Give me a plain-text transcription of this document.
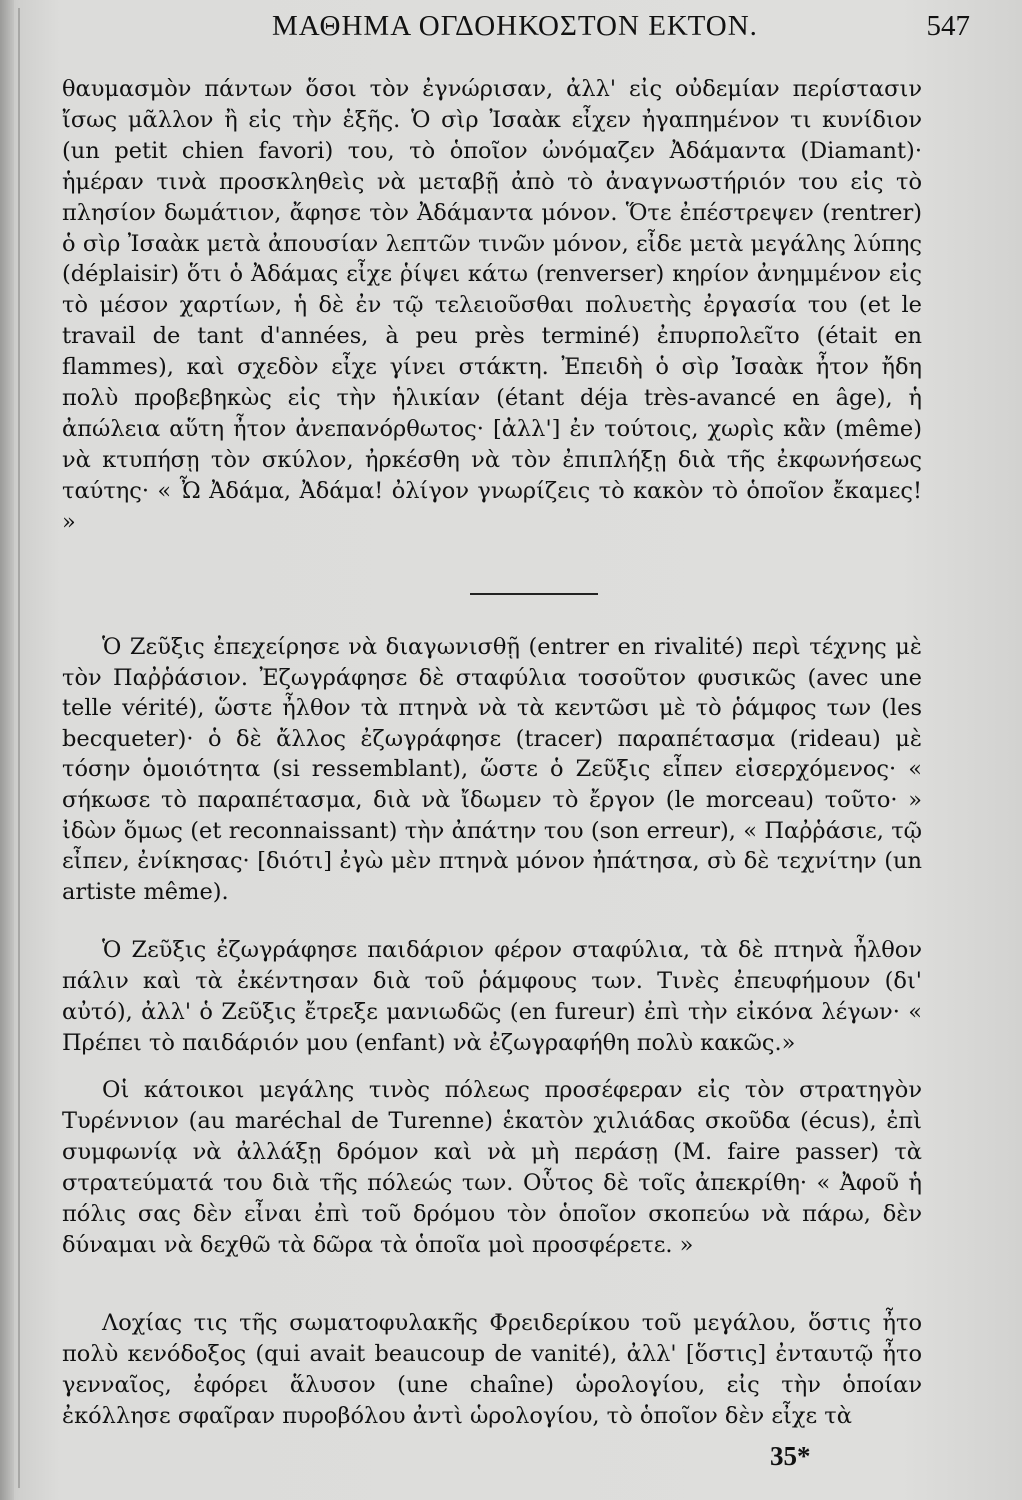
ΜΑΘΗΜΑ ΟΓΔΟΗΚΟΣΤΟΝ ΕΚΤΟΝ.	547

θαυμασμὸν πάντων ὅσοι τὸν ἐγνώρισαν, ἀλλ' εἰς οὐδεμίαν περίστασιν ἴσως μᾶλλον ἢ εἰς τὴν ἑξῆς. Ὁ σὶρ Ἰσαὰκ εἶχεν ἠγαπημένον τι κυνίδιον (un petit chien favori) του, τὸ ὁποῖον ὠνόμαζεν Ἀδάμαντα (Diamant)· ἡμέραν τινὰ προσκληθεὶς νὰ μεταβῇ ἀπὸ τὸ ἀναγνωστήριόν του εἰς τὸ πλησίον δωμάτιον, ἄφησε τὸν Ἀδάμαντα μόνον. Ὅτε ἐπέστρεψεν (rentrer) ὁ σὶρ Ἰσαὰκ μετὰ ἀπουσίαν λεπτῶν τινῶν μόνον, εἶδε μετὰ μεγάλης λύπης (déplaisir) ὅτι ὁ Ἀδάμας εἶχε ῥίψει κάτω (renverser) κηρίον ἀνημμένον εἰς τὸ μέσον χαρτίων, ἡ δὲ ἐν τῷ τελειοῦσθαι πολυετὴς ἐργασία του (et le travail de tant d'années, à peu près terminé) ἐπυρπολεῖτο (était en flammes), καὶ σχεδὸν εἶχε γίνει στάκτη. Ἐπειδὴ ὁ σὶρ Ἰσαὰκ ἦτον ἤδη πολὺ προβεβηκὼς εἰς τὴν ἡλικίαν (étant déja très-avancé en âge), ἡ ἀπώλεια αὕτη ἦτον ἀνεπανόρθωτος· [ἀλλ'] ἐν τούτοις, χωρὶς κἂν (même) νὰ κτυπήσῃ τὸν σκύλον, ἠρκέσθη νὰ τὸν ἐπιπλήξῃ διὰ τῆς ἐκφωνήσεως ταύτης· « Ὦ Ἀδάμα, Ἀδάμα! ὀλίγον γνωρίζεις τὸ κακὸν τὸ ὁποῖον ἔκαμες! »

Ὁ Ζεῦξις ἐπεχείρησε νὰ διαγωνισθῇ (entrer en rivalité) περὶ τέχνης μὲ τὸν Παῤῥάσιον. Ἐζωγράφησε δὲ σταφύλια τοσοῦτον φυσικῶς (avec une telle vérité), ὥστε ἦλθον τὰ πτηνὰ νὰ τὰ κεντῶσι μὲ τὸ ῥάμφος των (les becqueter)· ὁ δὲ ἄλλος ἐζωγράφησε (tracer) παραπέτασμα (rideau) μὲ τόσην ὁμοιότητα (si ressemblant), ὥστε ὁ Ζεῦξις εἶπεν εἰσερχόμενος· « σήκωσε τὸ παραπέτασμα, διὰ νὰ ἴδωμεν τὸ ἔργον (le morceau) τοῦτο· » ἰδὼν ὅμως (et reconnaissant) τὴν ἀπάτην του (son erreur), « Παῤῥάσιε, τῷ εἶπεν, ἐνίκησας· [διότι] ἐγὼ μὲν πτηνὰ μόνον ἠπάτησα, σὺ δὲ τεχνίτην (un artiste même).

Ὁ Ζεῦξις ἐζωγράφησε παιδάριον φέρον σταφύλια, τὰ δὲ πτηνὰ ἦλθον πάλιν καὶ τὰ ἐκέντησαν διὰ τοῦ ῥάμφους των. Τινὲς ἐπευφήμουν (δι' αὐτό), ἀλλ' ὁ Ζεῦξις ἔτρεξε μανιωδῶς (en fureur) ἐπὶ τὴν εἰκόνα λέγων· « Πρέπει τὸ παιδάριόν μου (enfant) νὰ ἐζωγραφήθη πολὺ κακῶς.»

Οἱ κάτοικοι μεγάλης τινὸς πόλεως προσέφεραν εἰς τὸν στρατηγὸν Τυρέννιον (au maréchal de Turenne) ἑκατὸν χιλιάδας σκοῦδα (écus), ἐπὶ συμφωνίᾳ νὰ ἀλλάξῃ δρόμον καὶ νὰ μὴ περάσῃ (M. faire passer) τὰ στρατεύματά του διὰ τῆς πόλεώς των. Οὗτος δὲ τοῖς ἀπεκρίθη· « Ἀφοῦ ἡ πόλις σας δὲν εἶναι ἐπὶ τοῦ δρόμου τὸν ὁποῖον σκοπεύω νὰ πάρω, δὲν δύναμαι νὰ δεχθῶ τὰ δῶρα τὰ ὁποῖα μοὶ προσφέρετε. »

Λοχίας τις τῆς σωματοφυλακῆς Φρειδερίκου τοῦ μεγάλου, ὅστις ἦτο πολὺ κενόδοξος (qui avait beaucoup de vanité), ἀλλ' [ὅστις] ἐνταυτῷ ἦτο γενναῖος, ἐφόρει ἅλυσον (une chaîne) ὡρολογίου, εἰς τὴν ὁποίαν ἐκόλλησε σφαῖραν πυροβόλου ἀντὶ ὡρολογίου, τὸ ὁποῖον δὲν εἶχε τὰ

35*
